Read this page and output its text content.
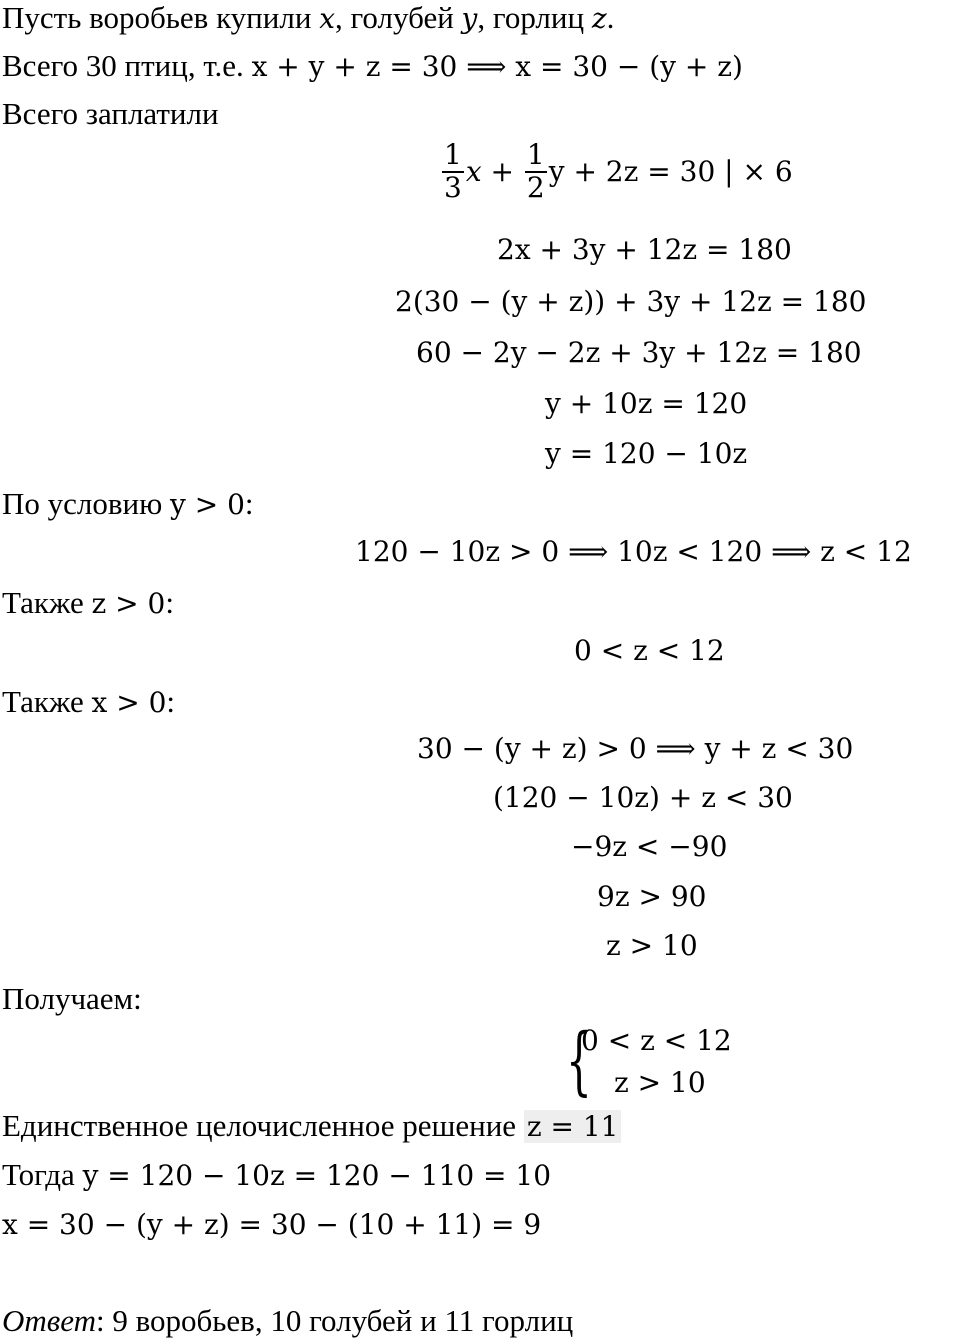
Пусть воробьев купили x, голубей y, горлиц z.
Всего 30 птиц, т.е. x + y + z = 30 ⟹ x = 30 − (y + z)
Всего заплатили
$\frac{1}{3}$ $x + \frac{1}{2}$ y + 2z = 30 | × 6
2x + 3y + 12z = 180
2(30 − (y + z)) + 3y + 12z = 180
60 − 2y − 2z + 3y + 12z = 180
y + 10z = 120
y = 120 − 10z
По условию y > 0:
120 − 10z > 0 ⟹ 10z < 120 ⟹ z < 12
Также z > 0:
0 < z < 12
Также x > 0:
30 − (y + z) > 0 ⟹ y + z < 30
(120 − 10z) + z < 30
−9z < −90
9z > 90
z > 10
Получаем:
{
0 < z < 12
z > 10
Единственное целочисленное решение z = 11
Тогда y = 120 − 10z = 120 − 110 = 10
x = 30 − (y + z) = 30 − (10 + 11) = 9
Ответ: 9 воробьев, 10 голубей и 11 горлиц
